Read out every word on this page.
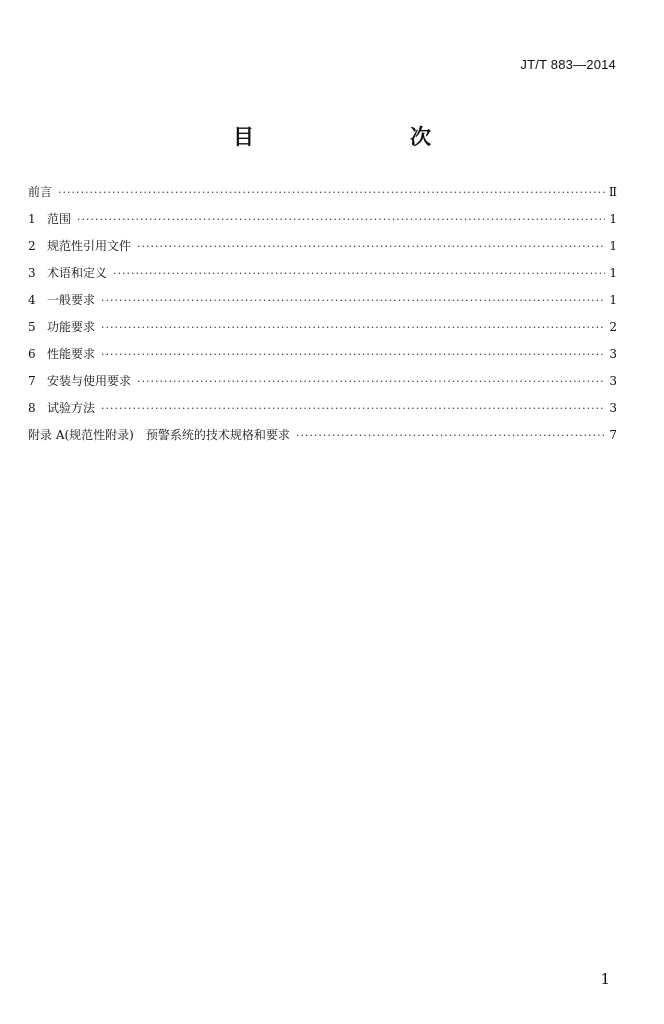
JT/T 883—2014
目　　次
前言 ·····	Ⅱ
1 范围 ·····	1
2 规范性引用文件 ·····	1
3 术语和定义 ·····	1
4 一般要求 ·····	1
5 功能要求 ·····	2
6 性能要求 ·····	3
7 安装与使用要求 ·····	3
8 试验方法 ·····	3
附录 A(规范性附录)　预警系统的技术规格和要求 ·····	7
1
